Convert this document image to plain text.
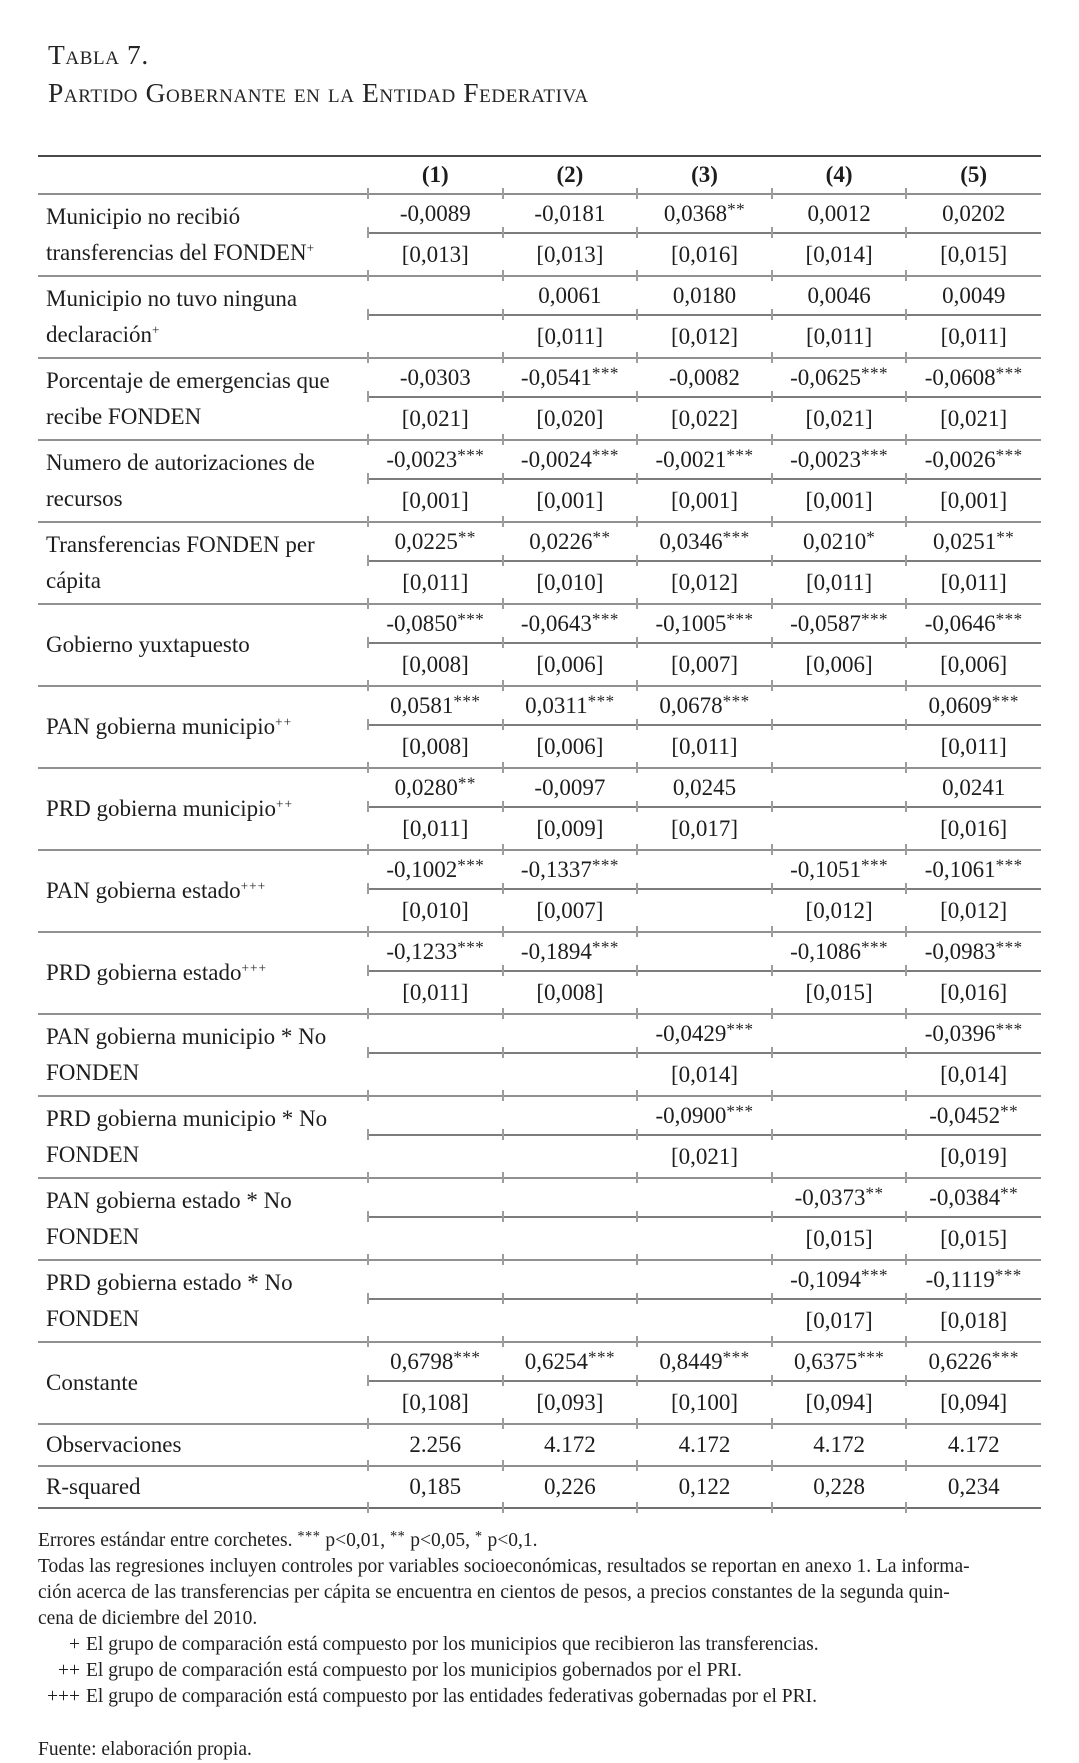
Tabla 7.
Partido Gobernante en la Entidad Federativa
	(1)	(2)	(3)	(4)	(5)
Municipio no recibió transferencias del FONDEN+	-0,0089	-0,0181	0,0368**	0,0012	0,0202
	[0,013]	[0,013]	[0,016]	[0,014]	[0,015]
Municipio no tuvo ninguna declaración+		0,0061	0,0180	0,0046	0,0049
		[0,011]	[0,012]	[0,011]	[0,011]
Porcentaje de emergencias que recibe FONDEN	-0,0303	-0,0541***	-0,0082	-0,0625***	-0,0608***
	[0,021]	[0,020]	[0,022]	[0,021]	[0,021]
Numero de autorizaciones de recursos	-0,0023***	-0,0024***	-0,0021***	-0,0023***	-0,0026***
	[0,001]	[0,001]	[0,001]	[0,001]	[0,001]
Transferencias FONDEN per cápita	0,0225**	0,0226**	0,0346***	0,0210*	0,0251**
	[0,011]	[0,010]	[0,012]	[0,011]	[0,011]
Gobierno yuxtapuesto	-0,0850***	-0,0643***	-0,1005***	-0,0587***	-0,0646***
	[0,008]	[0,006]	[0,007]	[0,006]	[0,006]
PAN gobierna municipio++	0,0581***	0,0311***	0,0678***		0,0609***
	[0,008]	[0,006]	[0,011]		[0,011]
PRD gobierna municipio++	0,0280**	-0,0097	0,0245		0,0241
	[0,011]	[0,009]	[0,017]		[0,016]
PAN gobierna estado+++	-0,1002***	-0,1337***		-0,1051***	-0,1061***
	[0,010]	[0,007]		[0,012]	[0,012]
PRD gobierna estado+++	-0,1233***	-0,1894***		-0,1086***	-0,0983***
	[0,011]	[0,008]		[0,015]	[0,016]
PAN gobierna municipio * No FONDEN			-0,0429***		-0,0396***
			[0,014]		[0,014]
PRD gobierna municipio * No FONDEN			-0,0900***		-0,0452**
			[0,021]		[0,019]
PAN gobierna estado * No FONDEN				-0,0373**	-0,0384**
				[0,015]	[0,015]
PRD gobierna estado * No FONDEN				-0,1094***	-0,1119***
				[0,017]	[0,018]
Constante	0,6798***	0,6254***	0,8449***	0,6375***	0,6226***
	[0,108]	[0,093]	[0,100]	[0,094]	[0,094]
Observaciones	2.256	4.172	4.172	4.172	4.172
R-squared	0,185	0,226	0,122	0,228	0,234
Errores estándar entre corchetes. *** p<0,01, ** p<0,05, * p<0,1.
Todas las regresiones incluyen controles por variables socioeconómicas, resultados se reportan en anexo 1. La informa-
ción acerca de las transferencias per cápita se encuentra en cientos de pesos, a precios constantes de la segunda quin-
cena de diciembre del 2010.
+ El grupo de comparación está compuesto por los municipios que recibieron las transferencias.
++ El grupo de comparación está compuesto por los municipios gobernados por el PRI.
+++ El grupo de comparación está compuesto por las entidades federativas gobernadas por el PRI.
Fuente: elaboración propia.
